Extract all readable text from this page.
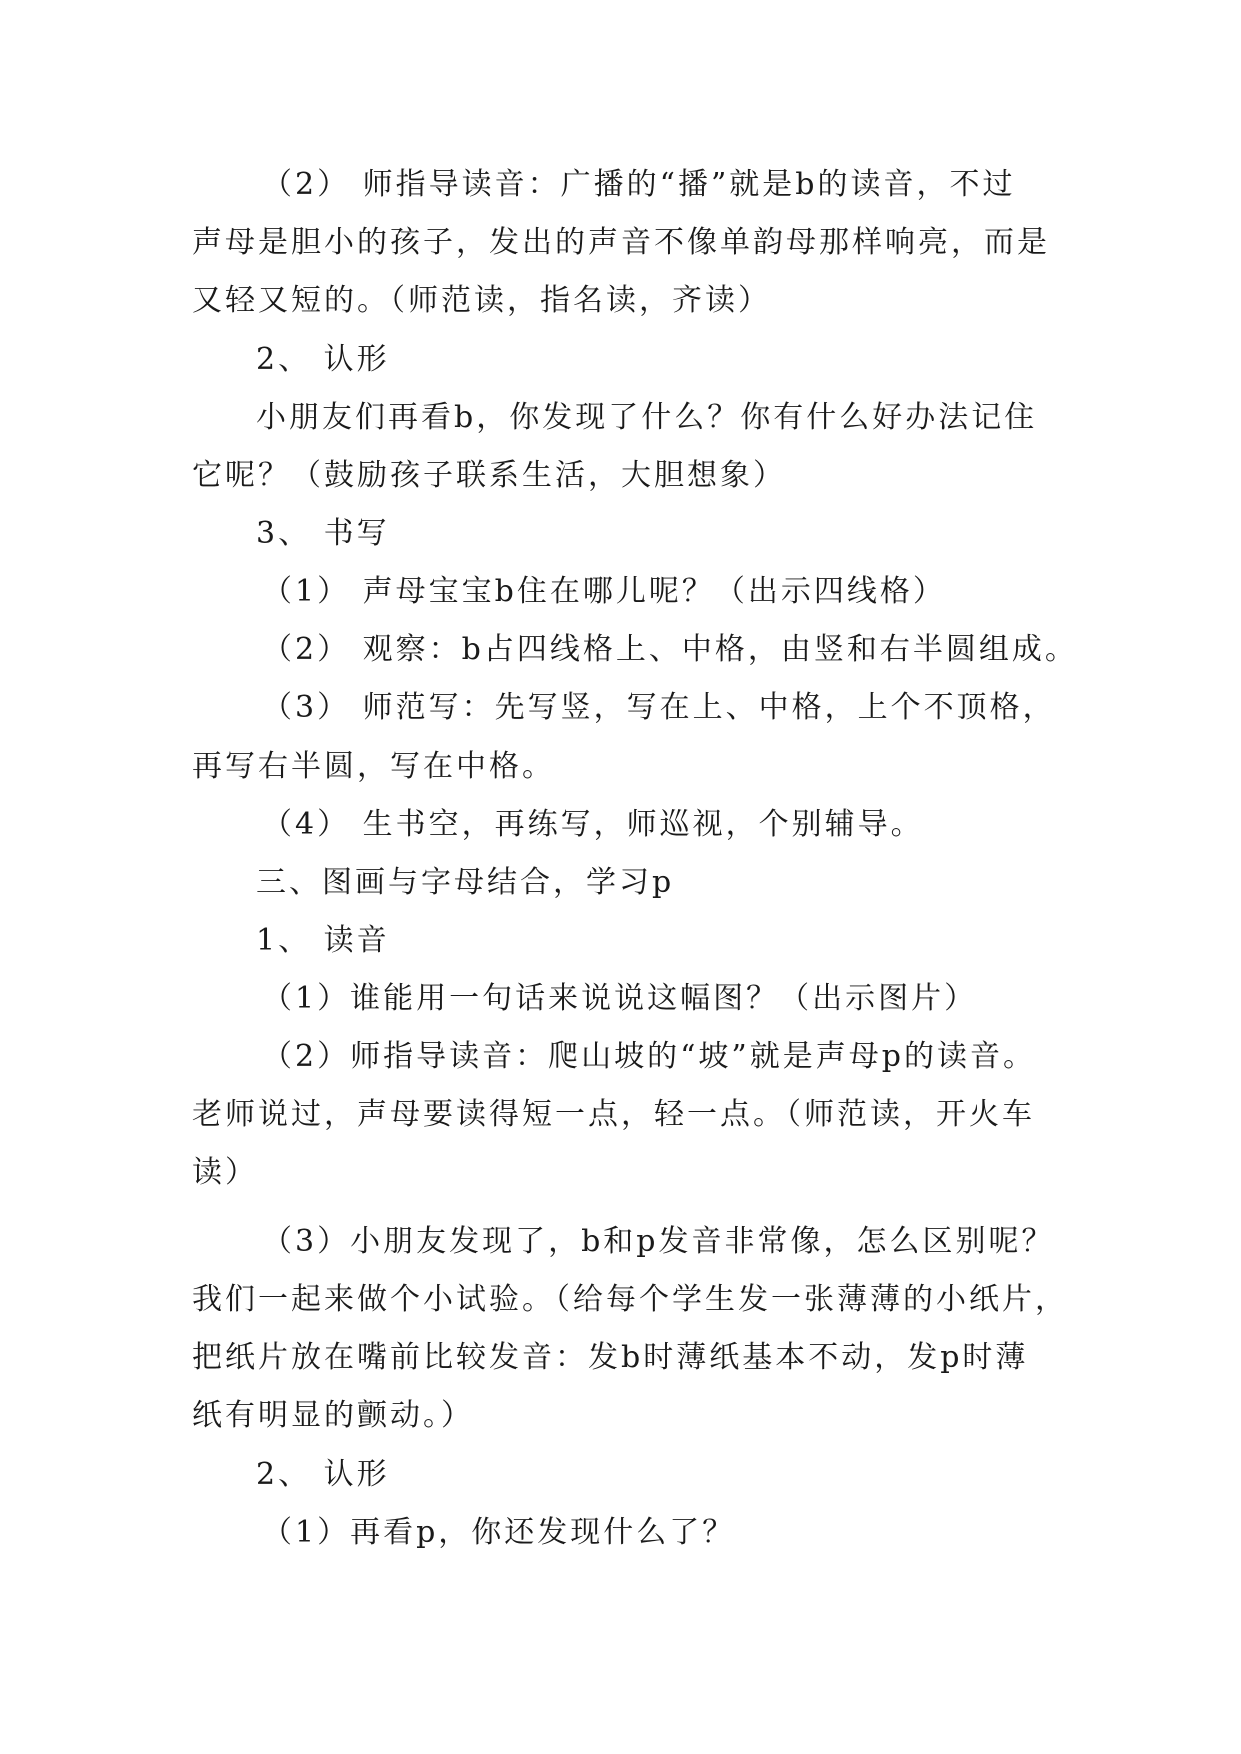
（2） 师指导读音：广播的“播”就是b的读音，不过
声母是胆小的孩子，发出的声音不像单韵母那样响亮，而是
又轻又短的。（师范读，指名读，齐读）
2、 认形
小朋友们再看b，你发现了什么？你有什么好办法记住
它呢？（鼓励孩子联系生活，大胆想象）
3、 书写
（1） 声母宝宝b住在哪儿呢？（出示四线格）
（2） 观察：b占四线格上、中格，由竖和右半圆组成。
（3） 师范写：先写竖，写在上、中格，上个不顶格，
再写右半圆，写在中格。
（4） 生书空，再练写，师巡视，个别辅导。
三、图画与字母结合，学习p
1、 读音
（1）谁能用一句话来说说这幅图？（出示图片）
（2）师指导读音：爬山坡的“坡”就是声母p的读音。
老师说过，声母要读得短一点，轻一点。（师范读，开火车
读）
（3）小朋友发现了，b和p发音非常像，怎么区别呢？
我们一起来做个小试验。（给每个学生发一张薄薄的小纸片，
把纸片放在嘴前比较发音：发b时薄纸基本不动，发p时薄
纸有明显的颤动。）
2、 认形
（1）再看p，你还发现什么了？
